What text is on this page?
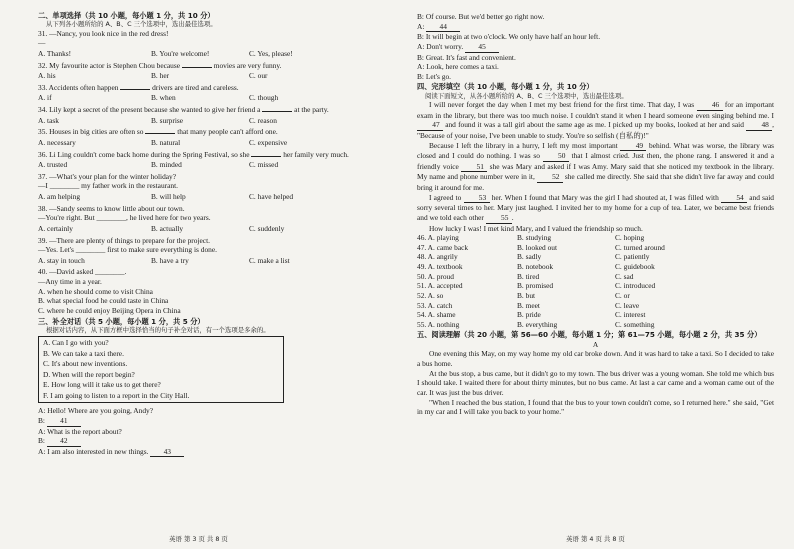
二、单项选择（共 10 小题，每小题 1 分，共 10 分）
从下列各小题所给的 A、B、C 三个选项中，选出最佳选项。
31. —Nancy, you look nice in the red dress!
—
A. Thanks!	B. You're welcome!	C. Yes, please!
32. My favourite actor is Stephen Chou because	movies are very funny.
A. his	B. her	C. our
33. Accidents often happen	drivers are tired and careless.
A. if	B. when	C. though
34. Lily kept a secret of the present because she wanted to give her friend a	at the party.
A. task	B. surprise	C. reason
35. Houses in big cities are often so	that many people can't afford one.
A. necessary	B. natural	C. expensive
36. Li Ling couldn't come back home during the Spring Festival, so she	her family very much.
A. trusted	B. minded	C. missed
37. —What's your plan for the winter holiday?
—I ________ my father work in the restaurant.
A. am helping	B. will help	C. have helped
38. —Sandy seems to know little about our town.
—You're right. But ________, he lived here for two years.
A. certainly	B. actually	C. suddenly
39. —There are plenty of things to prepare for the project.
—Yes. Let's ________ first to make sure everything is done.
A. stay in touch	B. have a try	C. make a list
40. —David asked ________.
—Any time in a year.
A. when he should come to visit China
B. what special food he could taste in China
C. where he could enjoy Beijing Opera in China
三、补全对话（共 5 小题，每小题 1 分，共 5 分）
根据对话内容，从下面方框中选择恰当的句子补全对话，有一个选项是多余的。
A. Can I go with you?
B. We can take a taxi there.
C. It's about new inventions.
D. When will the report begin?
E. How long will it take us to get there?
F. I am going to listen to a report in the City Hall.
A: Hello! Where are you going, Andy?
B: 41
A: What is the report about?
B: 42
A: I am also interested in new things. 43
英语 第 3 页 共 8 页
B: Of course. But we'd better go right now.
A: 44
B: It will begin at two o'clock. We only have half an hour left.
A: Don't worry. 45
B: Great. It's fast and convenient.
A: Look, here comes a taxi.
B: Let's go.
四、完形填空（共 10 小题，每小题 1 分，共 10 分）
阅读下面短文，从各小题所给的 A、B、C 三个选项中，选出最佳选项。

I will never forget the day when I met my best friend for the first time. That day, I was 46 for an important exam in the library, but there was too much noise. I couldn't stand it when I heard someone even singing behind me. I 47 and found it was a tall girl about the same age as me. I picked up my books, looked at her and said 48 , "Because of your noise, I've been unable to study. You're so selfish (自私的)!"

Because I left the library in a hurry, I left my most important 49 behind. What was worse, the library was closed and I could do nothing. I was so 50 that I almost cried. Just then, the phone rang. I answered it and a friendly voice 51 she was Mary and asked if I was Amy. Mary said that she noticed my textbook in the library. My name and phone number were in it, 52 she called me directly. She said that she didn't live far away and could bring it around for me.

I agreed to 53 her. When I found that Mary was the girl I had shouted at, I was filled with 54 and said sorry several times to her. Mary just laughed. I invited her to my home for a cup of tea. Later, we became best friends and we told each other 55 .

How lucky I was! I met kind Mary, and I valued the friendship so much.

46. A. playing	B. studying	C. hoping
47. A. came back	B. looked out	C. turned around
48. A. angrily	B. sadly	C. patiently
49. A. textbook	B. notebook	C. guidebook
50. A. proud	B. tired	C. sad
51. A. accepted	B. promised	C. introduced
52. A. so	B. but	C. or
53. A. catch	B. meet	C. leave
54. A. shame	B. pride	C. interest
55. A. nothing	B. everything	C. something
五、阅读理解（共 20 小题，第 56—60 小题，每小题 1 分；第 61—75 小题，每小题 2 分，共 35 分）
A

One evening this May, on my way home my old car broke down. And it was hard to take a taxi. So I decided to take a bus home.

At the bus stop, a bus came, but it didn't go to my town. The bus driver was a young woman. She told me which bus I should take. I waited there for about thirty minutes, but no bus came. At last a car came and a woman came out of the car. It was just the bus driver.

"When I reached the bus station, I found that the bus to your town couldn't come, so I returned here." she said, "Get in my car and I will take you back to your home."

英语 第 4 页 共 8 页
